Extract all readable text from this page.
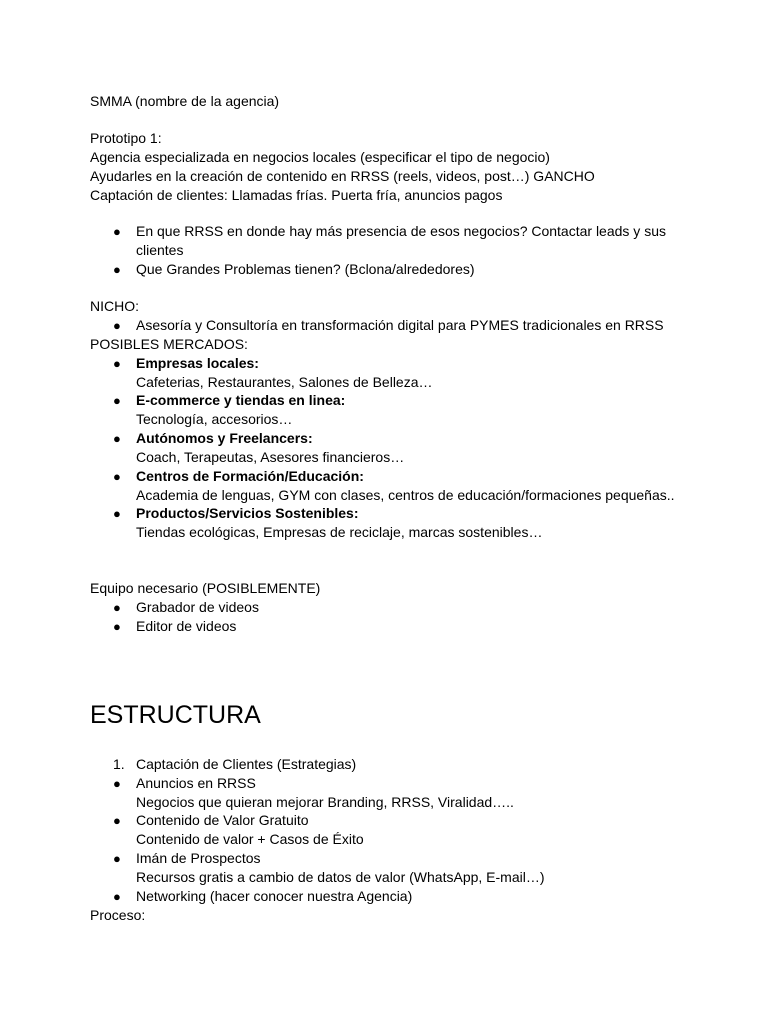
SMMA (nombre de la agencia)
Prototipo 1:
Agencia especializada en negocios locales (especificar el tipo de negocio)
Ayudarles en la creación de contenido en RRSS (reels, videos, post…) GANCHO
Captación de clientes: Llamadas frías. Puerta fría, anuncios pagos
● En que RRSS en donde hay más presencia de esos negocios? Contactar leads y sus
clientes
● Que Grandes Problemas tienen? (Bclona/alrededores)
NICHO:
● Asesoría y Consultoría en transformación digital para PYMES tradicionales en RRSS
POSIBLES MERCADOS:
● Empresas locales:
Cafeterias, Restaurantes, Salones de Belleza…
● E-commerce y tiendas en linea:
Tecnología, accesorios…
● Autónomos y Freelancers:
Coach, Terapeutas, Asesores financieros…
● Centros de Formación/Educación:
Academia de lenguas, GYM con clases, centros de educación/formaciones pequeñas..
● Productos/Servicios Sostenibles:
Tiendas ecológicas, Empresas de reciclaje, marcas sostenibles…
Equipo necesario (POSIBLEMENTE)
● Grabador de videos
● Editor de videos
ESTRUCTURA
1. Captación de Clientes (Estrategias)
● Anuncios en RRSS
Negocios que quieran mejorar Branding, RRSS, Viralidad…..
● Contenido de Valor Gratuito
Contenido de valor + Casos de Éxito
● Imán de Prospectos
Recursos gratis a cambio de datos de valor (WhatsApp, E-mail…)
● Networking (hacer conocer nuestra Agencia)
Proceso:
